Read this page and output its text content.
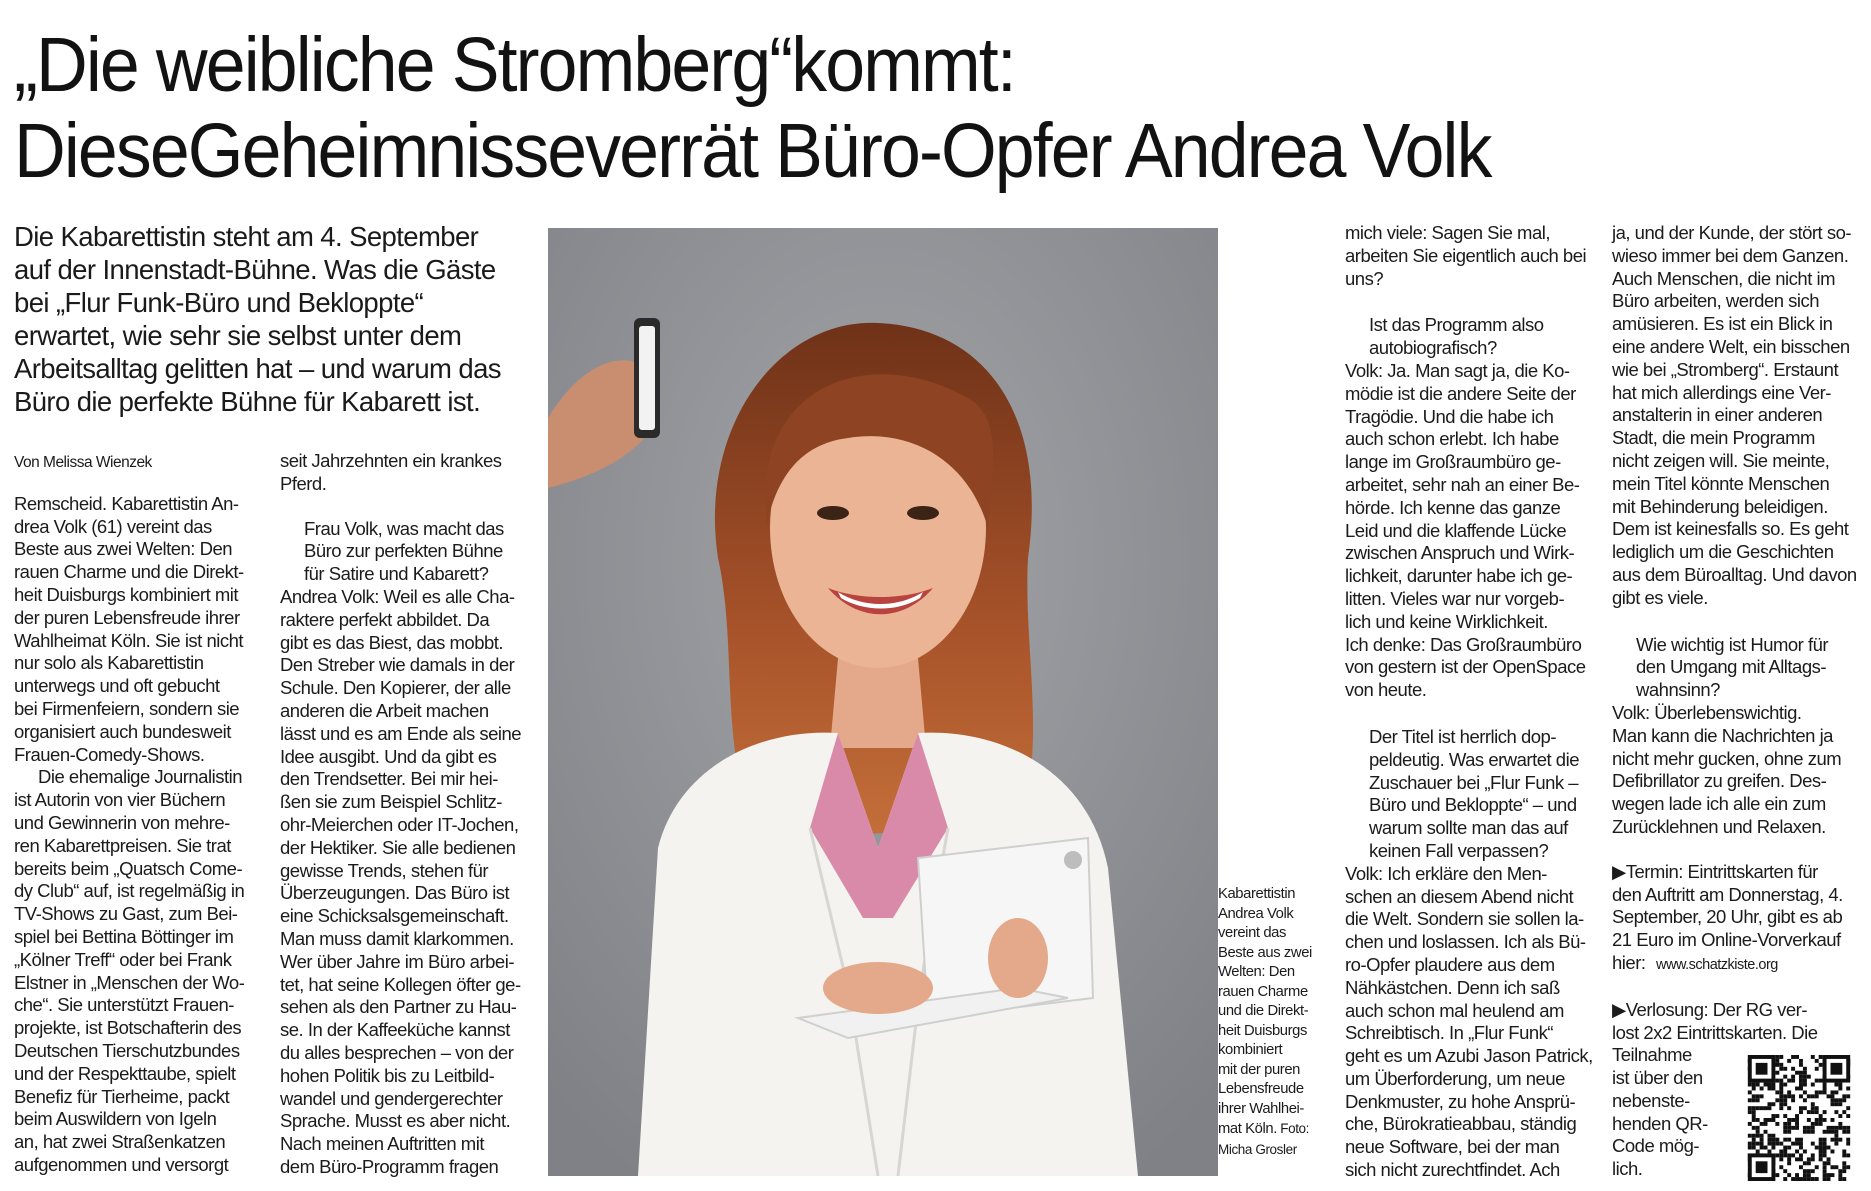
„Die weibliche Stromberg“kommt:
DieseGeheimnisseverrät Büro-Opfer Andrea Volk

Die Kabarettistin steht am 4. September
auf der Innenstadt-Bühne. Was die Gäste
bei „Flur Funk-Büro und Bekloppte“
erwartet, wie sehr sie selbst unter dem
Arbeitsalltag gelitten hat – und warum das
Büro die perfekte Bühne für Kabarett ist.

Von Melissa Wienzek

Remscheid. Kabarettistin An-
drea Volk (61) vereint das
Beste aus zwei Welten: Den
rauen Charme und die Direkt-
heit Duisburgs kombiniert mit
der puren Lebensfreude ihrer
Wahlheimat Köln. Sie ist nicht
nur solo als Kabarettistin
unterwegs und oft gebucht
bei Firmenfeiern, sondern sie
organisiert auch bundesweit
Frauen-Comedy-Shows.

Die ehemalige Journalistin
ist Autorin von vier Büchern
und Gewinnerin von mehre-
ren Kabarettpreisen. Sie trat
bereits beim „Quatsch Come-
dy Club“ auf, ist regelmäßig in
TV-Shows zu Gast, zum Bei-
spiel bei Bettina Böttinger im
„Kölner Treff“ oder bei Frank
Elstner in „Menschen der Wo-
che“. Sie unterstützt Frauen-
projekte, ist Botschafterin des
Deutschen Tierschutzbundes
und der Respekttaube, spielt
Benefiz für Tierheime, packt
beim Auswildern von Igeln
an, hat zwei Straßenkatzen
aufgenommen und versorgt

seit Jahrzehnten ein krankes
Pferd.

Frau Volk, was macht das
Büro zur perfekten Bühne
für Satire und Kabarett?

Andrea Volk: Weil es alle Cha-
raktere perfekt abbildet. Da
gibt es das Biest, das mobbt.
Den Streber wie damals in der
Schule. Den Kopierer, der alle
anderen die Arbeit machen
lässt und es am Ende als seine
Idee ausgibt. Und da gibt es
den Trendsetter. Bei mir hei-
ßen sie zum Beispiel Schlitz-
ohr-Meierchen oder IT-Jochen,
der Hektiker. Sie alle bedienen
gewisse Trends, stehen für
Überzeugungen. Das Büro ist
eine Schicksalsgemeinschaft.
Man muss damit klarkommen.
Wer über Jahre im Büro arbei-
tet, hat seine Kollegen öfter ge-
sehen als den Partner zu Hau-
se. In der Kaffeeküche kannst
du alles besprechen – von der
hohen Politik bis zu Leitbild-
wandel und gendergerechter
Sprache. Musst es aber nicht.
Nach meinen Auftritten mit
dem Büro-Programm fragen

Kabarettistin
Andrea Volk
vereint das
Beste aus zwei
Welten: Den
rauen Charme
und die Direkt-
heit Duisburgs
kombiniert
mit der puren
Lebensfreude
ihrer Wahlhei-
mat Köln. Foto:
Micha Grosler

mich viele: Sagen Sie mal,
arbeiten Sie eigentlich auch bei
uns?

Ist das Programm also
autobiografisch?

Volk: Ja. Man sagt ja, die Ko-
mödie ist die andere Seite der
Tragödie. Und die habe ich
auch schon erlebt. Ich habe
lange im Großraumbüro ge-
arbeitet, sehr nah an einer Be-
hörde. Ich kenne das ganze
Leid und die klaffende Lücke
zwischen Anspruch und Wirk-
lichkeit, darunter habe ich ge-
litten. Vieles war nur vorgeb-
lich und keine Wirklichkeit.
Ich denke: Das Großraumbüro
von gestern ist der OpenSpace
von heute.

Der Titel ist herrlich dop-
peldeutig. Was erwartet die
Zuschauer bei „Flur Funk –
Büro und Bekloppte“ – und
warum sollte man das auf
keinen Fall verpassen?

Volk: Ich erkläre den Men-
schen an diesem Abend nicht
die Welt. Sondern sie sollen la-
chen und loslassen. Ich als Bü-
ro-Opfer plaudere aus dem
Nähkästchen. Denn ich saß
auch schon mal heulend am
Schreibtisch. In „Flur Funk“
geht es um Azubi Jason Patrick,
um Überforderung, um neue
Denkmuster, zu hohe Ansprü-
che, Bürokratieabbau, ständig
neue Software, bei der man
sich nicht zurechtfindet. Ach

ja, und der Kunde, der stört so-
wieso immer bei dem Ganzen.
Auch Menschen, die nicht im
Büro arbeiten, werden sich
amüsieren. Es ist ein Blick in
eine andere Welt, ein bisschen
wie bei „Stromberg“. Erstaunt
hat mich allerdings eine Ver-
anstalterin in einer anderen
Stadt, die mein Programm
nicht zeigen will. Sie meinte,
mein Titel könnte Menschen
mit Behinderung beleidigen.
Dem ist keinesfalls so. Es geht
lediglich um die Geschichten
aus dem Büroalltag. Und davon
gibt es viele.

Wie wichtig ist Humor für
den Umgang mit Alltags-
wahnsinn?

Volk: Überlebenswichtig.
Man kann die Nachrichten ja
nicht mehr gucken, ohne zum
Defibrillator zu greifen. Des-
wegen lade ich alle ein zum
Zurücklehnen und Relaxen.

▶Termin: Eintrittskarten für
den Auftritt am Donnerstag, 4.
September, 20 Uhr, gibt es ab
21 Euro im Online-Vorverkauf
hier: www.schatzkiste.org

▶Verlosung: Der RG ver-
lost 2x2 Eintrittskarten. Die
Teilnahme

ist über den
nebenste-
henden QR-
Code mög-
lich.
